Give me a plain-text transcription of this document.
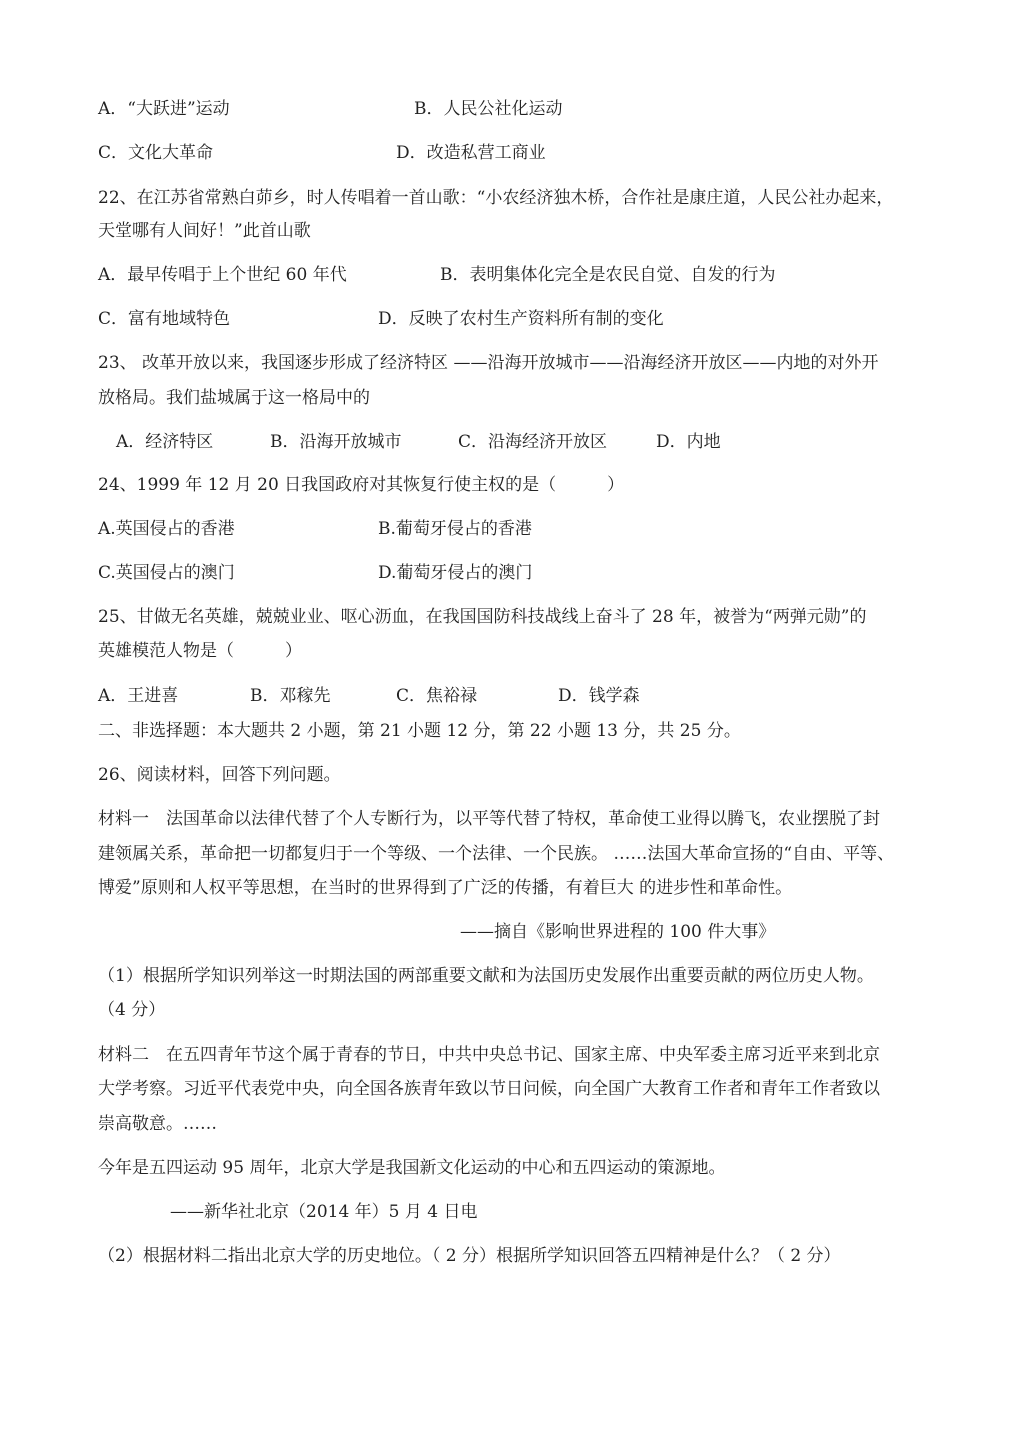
A．“大跃进”运动	B．人民公社化运动
C．文化大革命	D．改造私营工商业
22、在江苏省常熟白茆乡，时人传唱着一首山歌：“小农经济独木桥，合作社是康庄道，人民公社办起来，
天堂哪有人间好！”此首山歌
A．最早传唱于上个世纪 60 年代	B．表明集体化完全是农民自觉、自发的行为
C．富有地域特色	D．反映了农村生产资料所有制的变化
23、 改革开放以来，我国逐步形成了经济特区 ——沿海开放城市——沿海经济开放区——内地的对外开
放格局。我们盐城属于这一格局中的
A．经济特区	B．沿海开放城市	C．沿海经济开放区	D．内地
24、1999 年 12 月 20 日我国政府对其恢复行使主权的是（　　　）
A.英国侵占的香港	B.葡萄牙侵占的香港
C.英国侵占的澳门	D.葡萄牙侵占的澳门
25、甘做无名英雄，兢兢业业、呕心沥血，在我国国防科技战线上奋斗了 28 年，被誉为“两弹元勋”的
英雄模范人物是（　　　）
A．王进喜	B．邓稼先	C．焦裕禄	D．钱学森
二、非选择题：本大题共 2 小题，第 21 小题 12 分，第 22 小题 13 分，共 25 分。
26、阅读材料，回答下列问题。
材料一　法国革命以法律代替了个人专断行为，以平等代替了特权，革命使工业得以腾飞，农业摆脱了封
建领属关系，革命把一切都复归于一个等级、一个法律、一个民族。 ……法国大革命宣扬的“自由、平等、
博爱”原则和人权平等思想，在当时的世界得到了广泛的传播，有着巨大 的进步性和革命性。
——摘自《影响世界进程的 100 件大事》
（1）根据所学知识列举这一时期法国的两部重要文献和为法国历史发展作出重要贡献的两位历史人物。
（4 分）
材料二　在五四青年节这个属于青春的节日，中共中央总书记、国家主席、中央军委主席习近平来到北京
大学考察。习近平代表党中央，向全国各族青年致以节日问候，向全国广大教育工作者和青年工作者致以
崇高敬意。……
今年是五四运动 95 周年，北京大学是我国新文化运动的中心和五四运动的策源地。
——新华社北京（2014 年）5 月 4 日电
（2）根据材料二指出北京大学的历史地位。（ 2 分）根据所学知识回答五四精神是什么？（ 2 分）
